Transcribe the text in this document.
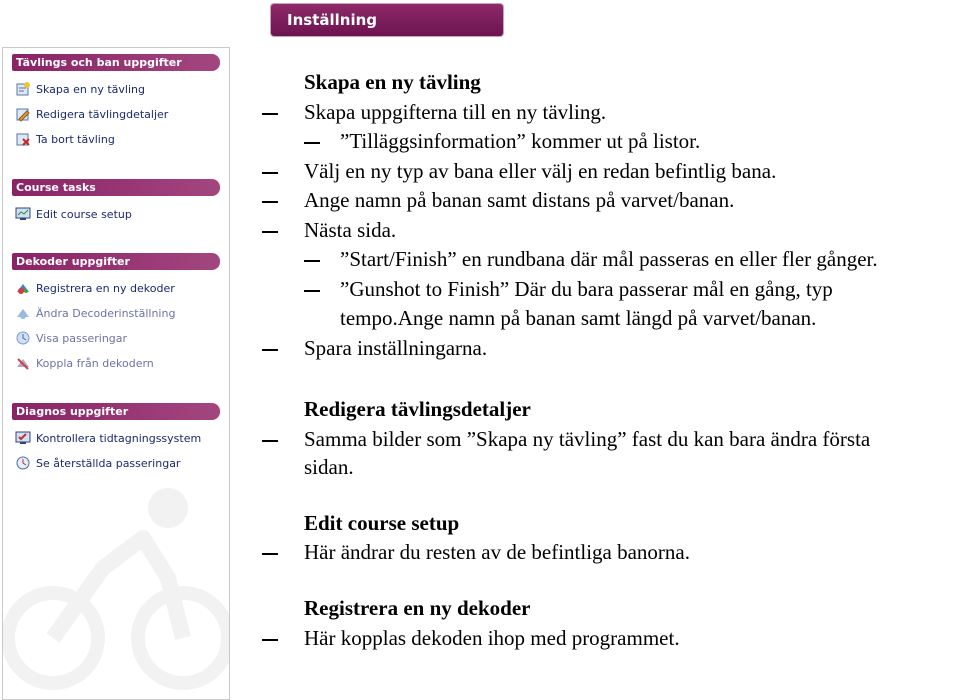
Inställning
Tävlings och ban uppgifter
Skapa en ny tävling
Redigera tävlingdetaljer
Ta bort tävling
Course tasks
Edit course setup
Dekoder uppgifter
Registrera en ny dekoder
Ändra Decoderinställning
Visa passeringar
Koppla från dekodern
Diagnos uppgifter
Kontrollera tidtagningssystem
Se återställda passeringar
Skapa en ny tävling
Skapa uppgifterna till en ny tävling.
”Tilläggsinformation” kommer ut på listor.
Välj en ny typ av bana eller välj en redan befintlig bana.
Ange namn på banan samt distans på varvet/banan.
Nästa sida.
”Start/Finish” en rundbana där mål passeras en eller fler gånger.
”Gunshot to Finish” Där du bara passerar mål en gång, typ
tempo.Ange namn på banan samt längd på varvet/banan.
Spara inställningarna.
Redigera tävlingsdetaljer
Samma bilder som ”Skapa ny tävling” fast du kan bara ändra första
sidan.
Edit course setup
Här ändrar du resten av de befintliga banorna.
Registrera en ny dekoder
Här kopplas dekoden ihop med programmet.
